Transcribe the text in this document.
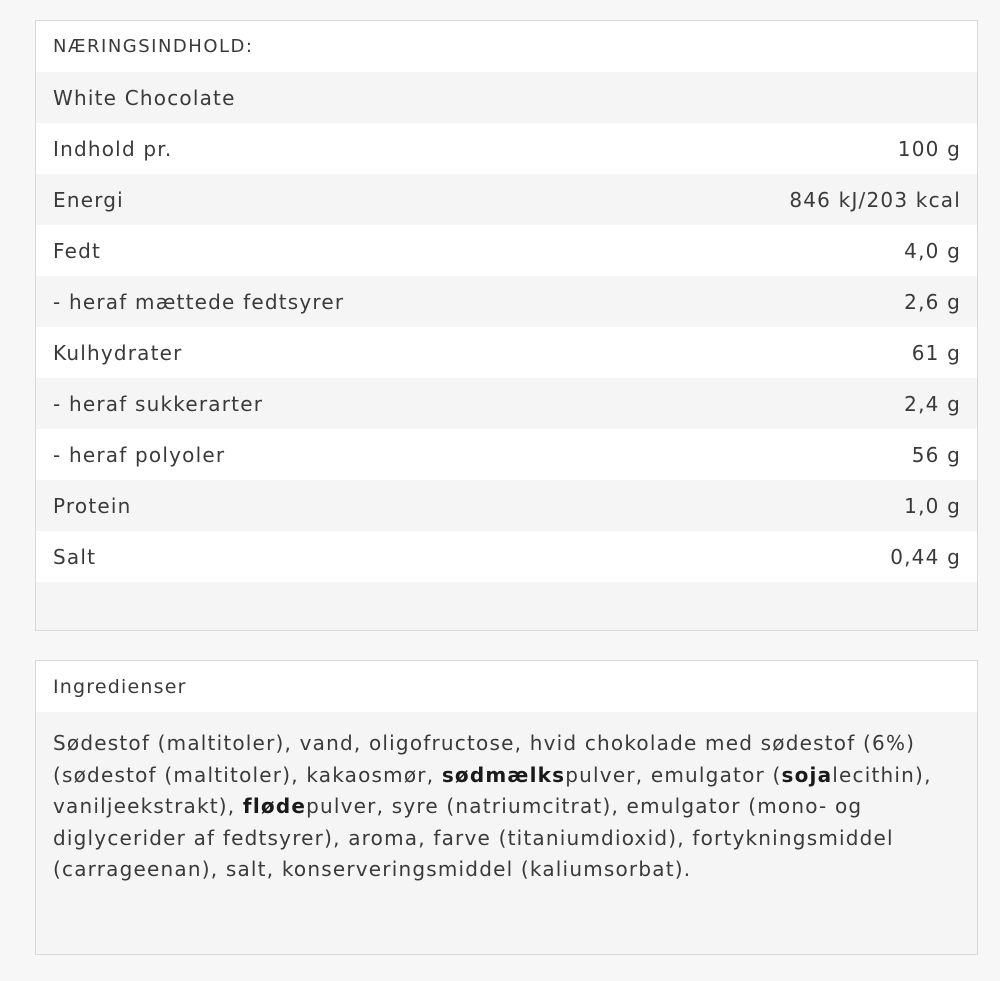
NÆRINGSINDHOLD:
White Chocolate
Indhold pr.	100 g
Energi	846 kJ/203 kcal
Fedt	4,0 g
- heraf mættede fedtsyrer	2,6 g
Kulhydrater	61 g
- heraf sukkerarter	2,4 g
- heraf polyoler	56 g
Protein	1,0 g
Salt	0,44 g
Ingredienser
Sødestof (maltitoler), vand, oligofructose, hvid chokolade med sødestof (6%) (sødestof (maltitoler), kakaosmør, sødmælkspulver, emulgator (sojalecithin), vaniljeekstrakt), flødepulver, syre (natriumcitrat), emulgator (mono- og diglycerider af fedtsyrer), aroma, farve (titaniumdioxid), fortykningsmiddel (carrageenan), salt, konserveringsmiddel (kaliumsorbat).
